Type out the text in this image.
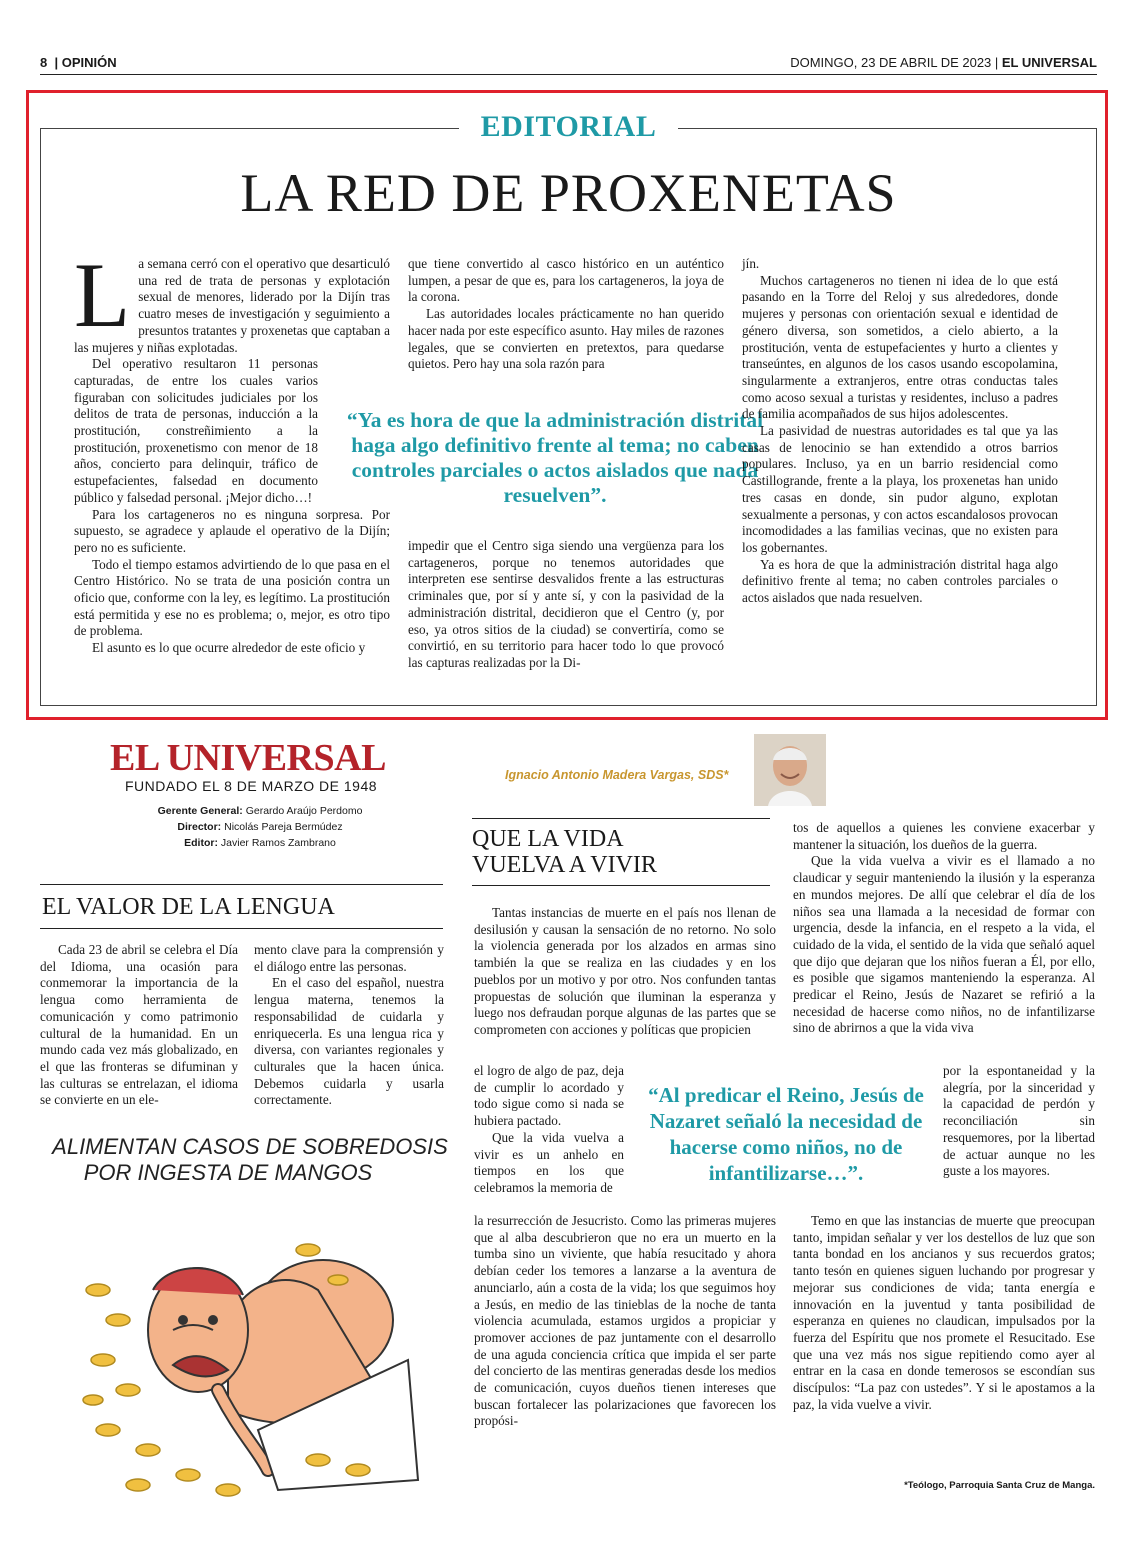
8  | OPINIÓN	DOMINGO, 23 DE ABRIL DE 2023 | EL UNIVERSAL
EDITORIAL
LA RED DE PROXENETAS

La semana cerró con el operativo que desarticuló una red de trata de personas y explotación sexual de menores, liderado por la Dijín tras cuatro meses de investigación y seguimiento a presuntos tratantes y proxenetas que captaban a las mujeres y niñas explotadas.

Del operativo resultaron 11 personas capturadas, de entre los cuales varios figuraban con solicitudes judiciales por los delitos de trata de personas, inducción a la prostitución, constreñimiento a la prostitución, proxenetismo con menor de 18 años, concierto para delinquir, tráfico de estupefacientes, falsedad en documento público y falsedad personal. ¡Mejor dicho…!

Para los cartageneros no es ninguna sorpresa. Por supuesto, se agradece y aplaude el operativo de la Dijín; pero no es suficiente.

Todo el tiempo estamos advirtiendo de lo que pasa en el Centro Histórico. No se trata de una posición contra un oficio que, conforme con la ley, es legítimo. La prostitución está permitida y ese no es problema; o, mejor, es otro tipo de problema.

El asunto es lo que ocurre alrededor de este oficio y

que tiene convertido al casco histórico en un auténtico lumpen, a pesar de que es, para los cartageneros, la joya de la corona.

Las autoridades locales prácticamente no han querido hacer nada por este específico asunto. Hay miles de razones legales, que se convierten en pretextos, para quedarse quietos. Pero hay una sola razón para

impedir que el Centro siga siendo una vergüenza para los cartageneros, porque no tenemos autoridades que interpreten ese sentirse desvalidos frente a las estructuras criminales que, por sí y ante sí, y con la pasividad de la administración distrital, decidieron que el Centro (y, por eso, ya otros sitios de la ciudad) se convertiría, como se convirtió, en su territorio para hacer todo lo que provocó las capturas realizadas por la Di-

“Ya es hora de que la administración distrital haga algo definitivo frente al tema; no caben controles parciales o actos aislados que nada resuelven”.

jín.

Muchos cartageneros no tienen ni idea de lo que está pasando en la Torre del Reloj y sus alrededores, donde mujeres y personas con orientación sexual e identidad de género diversa, son sometidos, a cielo abierto, a la prostitución, venta de estupefacientes y hurto a clientes y transeúntes, en algunos de los casos usando escopolamina, singularmente a extranjeros, entre otras conductas tales como acoso sexual a turistas y residentes, incluso a padres de familia acompañados de sus hijos adolescentes.

La pasividad de nuestras autoridades es tal que ya las casas de lenocinio se han extendido a otros barrios populares. Incluso, ya en un barrio residencial como Castillogrande, frente a la playa, los proxenetas han unido tres casas en donde, sin pudor alguno, explotan sexualmente a personas, y con actos escandalosos provocan incomodidades a las familias vecinas, que no existen para los gobernantes.

Ya es hora de que la administración distrital haga algo definitivo frente al tema; no caben controles parciales o actos aislados que nada resuelven.

EL UNIVERSAL
FUNDADO EL 8 DE MARZO DE 1948
Gerente General: Gerardo Araújo Perdomo
Director: Nicolás Pareja Bermúdez
Editor: Javier Ramos Zambrano
EL VALOR DE LA LENGUA

Cada 23 de abril se celebra el Día del Idioma, una ocasión para conmemorar la importancia de la lengua como herramienta de comunicación y como patrimonio cultural de la humanidad. En un mundo cada vez más globalizado, en el que las fronteras se difuminan y las culturas se entrelazan, el idioma se convierte en un ele-

mento clave para la comprensión y el diálogo entre las personas.

En el caso del español, nuestra lengua materna, tenemos la responsabilidad de cuidarla y enriquecerla. Es una lengua rica y diversa, con variantes regionales y culturales que la hacen única. Debemos cuidarla y usarla correctamente.

ALIMENTAN CASOS DE SOBREDOSIS
POR INGESTA DE MANGOS
Ignacio Antonio Madera Vargas, SDS*
QUE LA VIDA
VUELVA A VIVIR

Tantas instancias de muerte en el país nos llenan de desilusión y causan la sensación de no retorno. No solo la violencia generada por los alzados en armas sino también la que se realiza en las ciudades y en los pueblos por un motivo y por otro. Nos confunden tantas propuestas de solución que iluminan la esperanza y luego nos defraudan porque algunas de las partes que se comprometen con acciones y políticas que propicien

el logro de algo de paz, deja de cumplir lo acordado y todo sigue como si nada se hubiera pactado.

Que la vida vuelva a vivir es un anhelo en tiempos en los que celebramos la memoria de

la resurrección de Jesucristo. Como las primeras mujeres que al alba descubrieron que no era un muerto en la tumba sino un viviente, que había resucitado y ahora debían ceder los temores a lanzarse a la aventura de anunciarlo, aún a costa de la vida; los que seguimos hoy a Jesús, en medio de las tinieblas de la noche de tanta violencia acumulada, estamos urgidos a propiciar y promover acciones de paz juntamente con el desarrollo de una aguda conciencia crítica que impida el ser parte del concierto de las mentiras generadas desde los medios de comunicación, cuyos dueños tienen intereses que buscan fortalecer las polarizaciones que favorecen los propósi-

tos de aquellos a quienes les conviene exacerbar y mantener la situación, los dueños de la guerra.

Que la vida vuelva a vivir es el llamado a no claudicar y seguir manteniendo la ilusión y la esperanza en mundos mejores. De allí que celebrar el día de los niños sea una llamada a la necesidad de formar con urgencia, desde la infancia, en el respeto a la vida, el cuidado de la vida, el sentido de la vida que señaló aquel que dijo que dejaran que los niños fueran a Él, por ello, es posible que sigamos manteniendo la esperanza. Al predicar el Reino, Jesús de Nazaret se refirió a la necesidad de hacerse como niños, no de infantilizarse sino de abrirnos a que la vida viva

por la espontaneidad y la alegría, por la sinceridad y la capacidad de perdón y reconciliación sin resquemores, por la libertad de actuar aunque no les guste a los mayores.

Temo en que las instancias de muerte que preocupan tanto, impidan señalar y ver los destellos de luz que son tanta bondad en los ancianos y sus recuerdos gratos; tanto tesón en quienes siguen luchando por progresar y mejorar sus condiciones de vida; tanta energía e innovación en la juventud y tanta posibilidad de esperanza en quienes no claudican, impulsados por la fuerza del Espíritu que nos promete el Resucitado. Ese que una vez más nos sigue repitiendo como ayer al entrar en la casa en donde temerosos se escondían sus discípulos: “La paz con ustedes”. Y si le apostamos a la paz, la vida vuelve a vivir.

“Al predicar el Reino, Jesús de Nazaret señaló la necesidad de hacerse como niños, no de infantilizarse…”.
*Teólogo, Parroquia Santa Cruz de Manga.
